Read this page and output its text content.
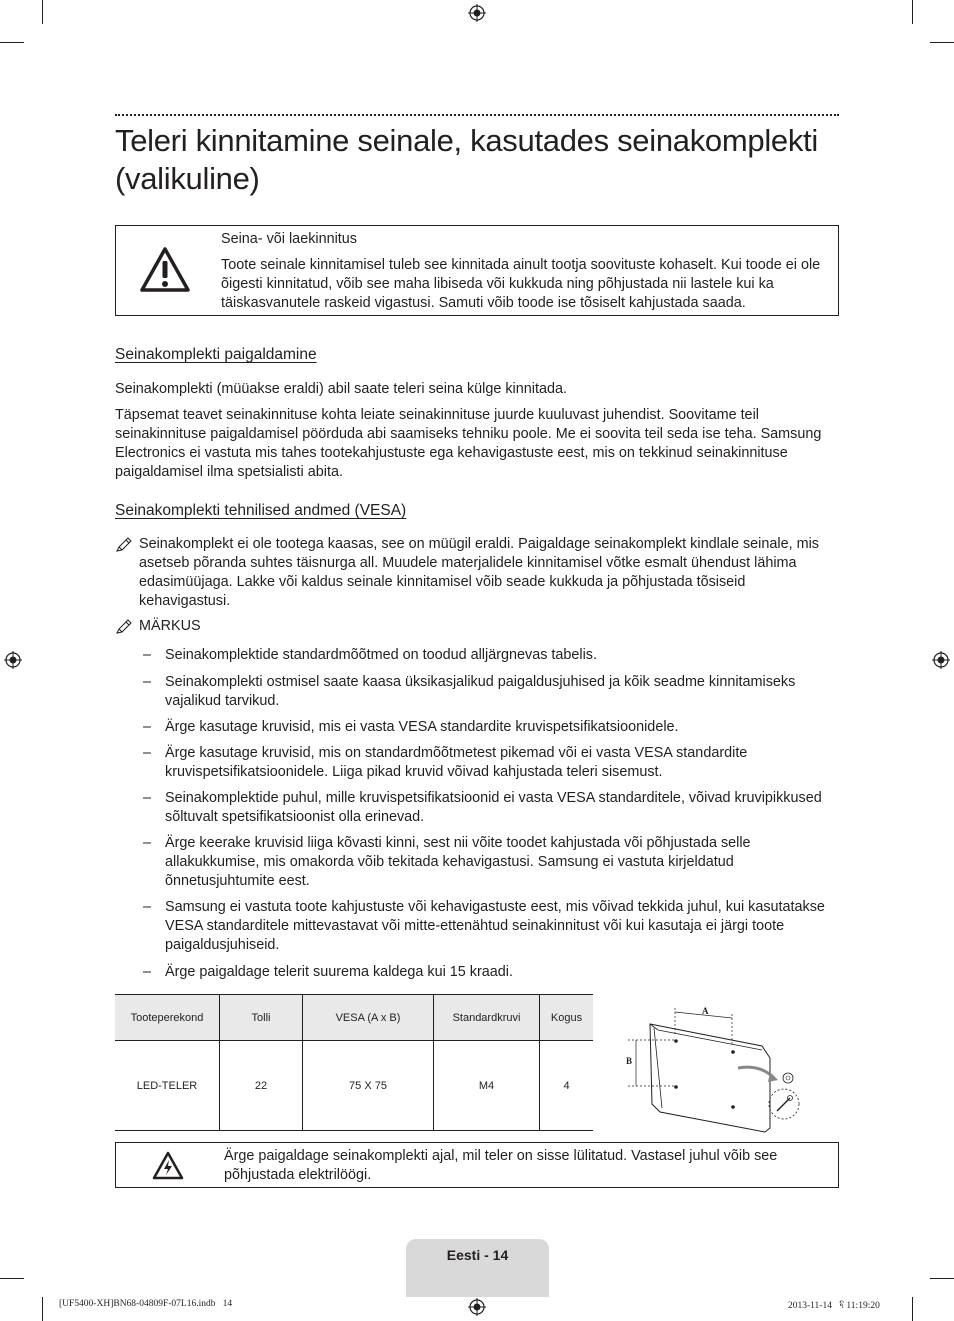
Teleri kinnitamine seinale, kasutades seinakomplekti (valikuline)
Seina- või laekinnitus
Toote seinale kinnitamisel tuleb see kinnitada ainult tootja soovituste kohaselt. Kui toode ei ole õigesti kinnitatud, võib see maha libiseda või kukkuda ning põhjustada nii lastele kui ka täiskasvanutele raskeid vigastusi. Samuti võib toode ise tõsiselt kahjustada saada.
Seinakomplekti paigaldamine
Seinakomplekti (müüakse eraldi) abil saate teleri seina külge kinnitada.
Täpsemat teavet seinakinnituse kohta leiate seinakinnituse juurde kuuluvast juhendist. Soovitame teil seinakinnituse paigaldamisel pöörduda abi saamiseks tehniku poole. Me ei soovita teil seda ise teha. Samsung Electronics ei vastuta mis tahes tootekahjustuste ega kehavigastuste eest, mis on tekkinud seinakinnituse paigaldamisel ilma spetsialisti abita.
Seinakomplekti tehnilised andmed (VESA)
Seinakomplekt ei ole tootega kaasas, see on müügil eraldi. Paigaldage seinakomplekt kindlale seinale, mis asetseb põranda suhtes täisnurga all. Muudele materjalidele kinnitamisel võtke esmalt ühendust lähima edasimüüjaga. Lakke või kaldus seinale kinnitamisel võib seade kukkuda ja põhjustada tõsiseid kehavigastusi.
MÄRKUS
– Seinakomplektide standardmõõtmed on toodud alljärgnevas tabelis.
– Seinakomplekti ostmisel saate kaasa üksikasjalikud paigaldusjuhised ja kõik seadme kinnitamiseks vajalikud tarvikud.
– Ärge kasutage kruvisid, mis ei vasta VESA standardite kruvispetsifikatsioonidele.
– Ärge kasutage kruvisid, mis on standardmõõtmetest pikemad või ei vasta VESA standardite kruvispetsifikatsioonidele. Liiga pikad kruvid võivad kahjustada teleri sisemust.
– Seinakomplektide puhul, mille kruvispetsifikatsioonid ei vasta VESA standarditele, võivad kruvipikkused sõltuvalt spetsifikatsioonist olla erinevad.
– Ärge keerake kruvisid liiga kõvasti kinni, sest nii võite toodet kahjustada või põhjustada selle allakukkumise, mis omakorda võib tekitada kehavigastusi. Samsung ei vastuta kirjeldatud õnnetusjuhtumite eest.
– Samsung ei vastuta toote kahjustuste või kehavigastuste eest, mis võivad tekkida juhul, kui kasutatakse VESA standarditele mittevastavat või mitte-ettenähtud seinakinnitust või kui kasutaja ei järgi toote paigaldusjuhiseid.
– Ärge paigaldage telerit suurema kaldega kui 15 kraadi.
Tooteperekond	Tolli	VESA (A x B)	Standardkruvi	Kogus
LED-TELER	22	75 X 75	M4	4
A
B
Ärge paigaldage seinakomplekti ajal, mil teler on sisse lülitatud. Vastasel juhul võib see põhjustada elektrilöögi.
Eesti - 14
[UF5400-XH]BN68-04809F-07L16.indb   14	2013-11-14   ꧱ 11:19:20
